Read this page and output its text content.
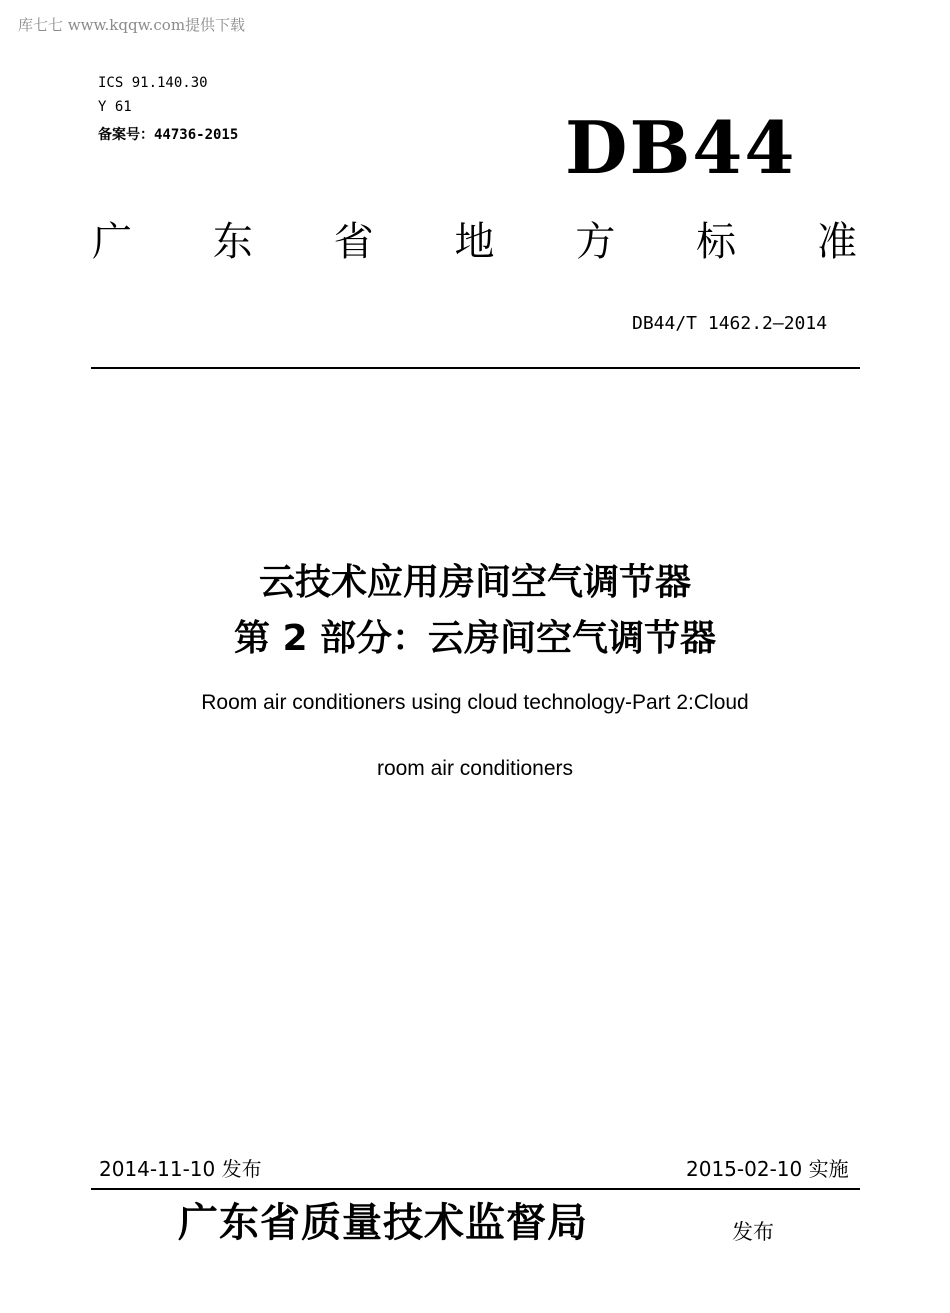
库七七 www.kqqw.com提供下载
ICS 91.140.30
Y 61
备案号：44736-2015	DB44
广 东 省 地 方 标 准
DB44/T 1462.2—2014
云技术应用房间空气调节器
第 2 部分：云房间空气调节器
Room air conditioners using cloud technology-Part 2:Cloud
room air conditioners
2014-11-10 发布	2015-02-10 实施
广东省质量技术监督局	发布
